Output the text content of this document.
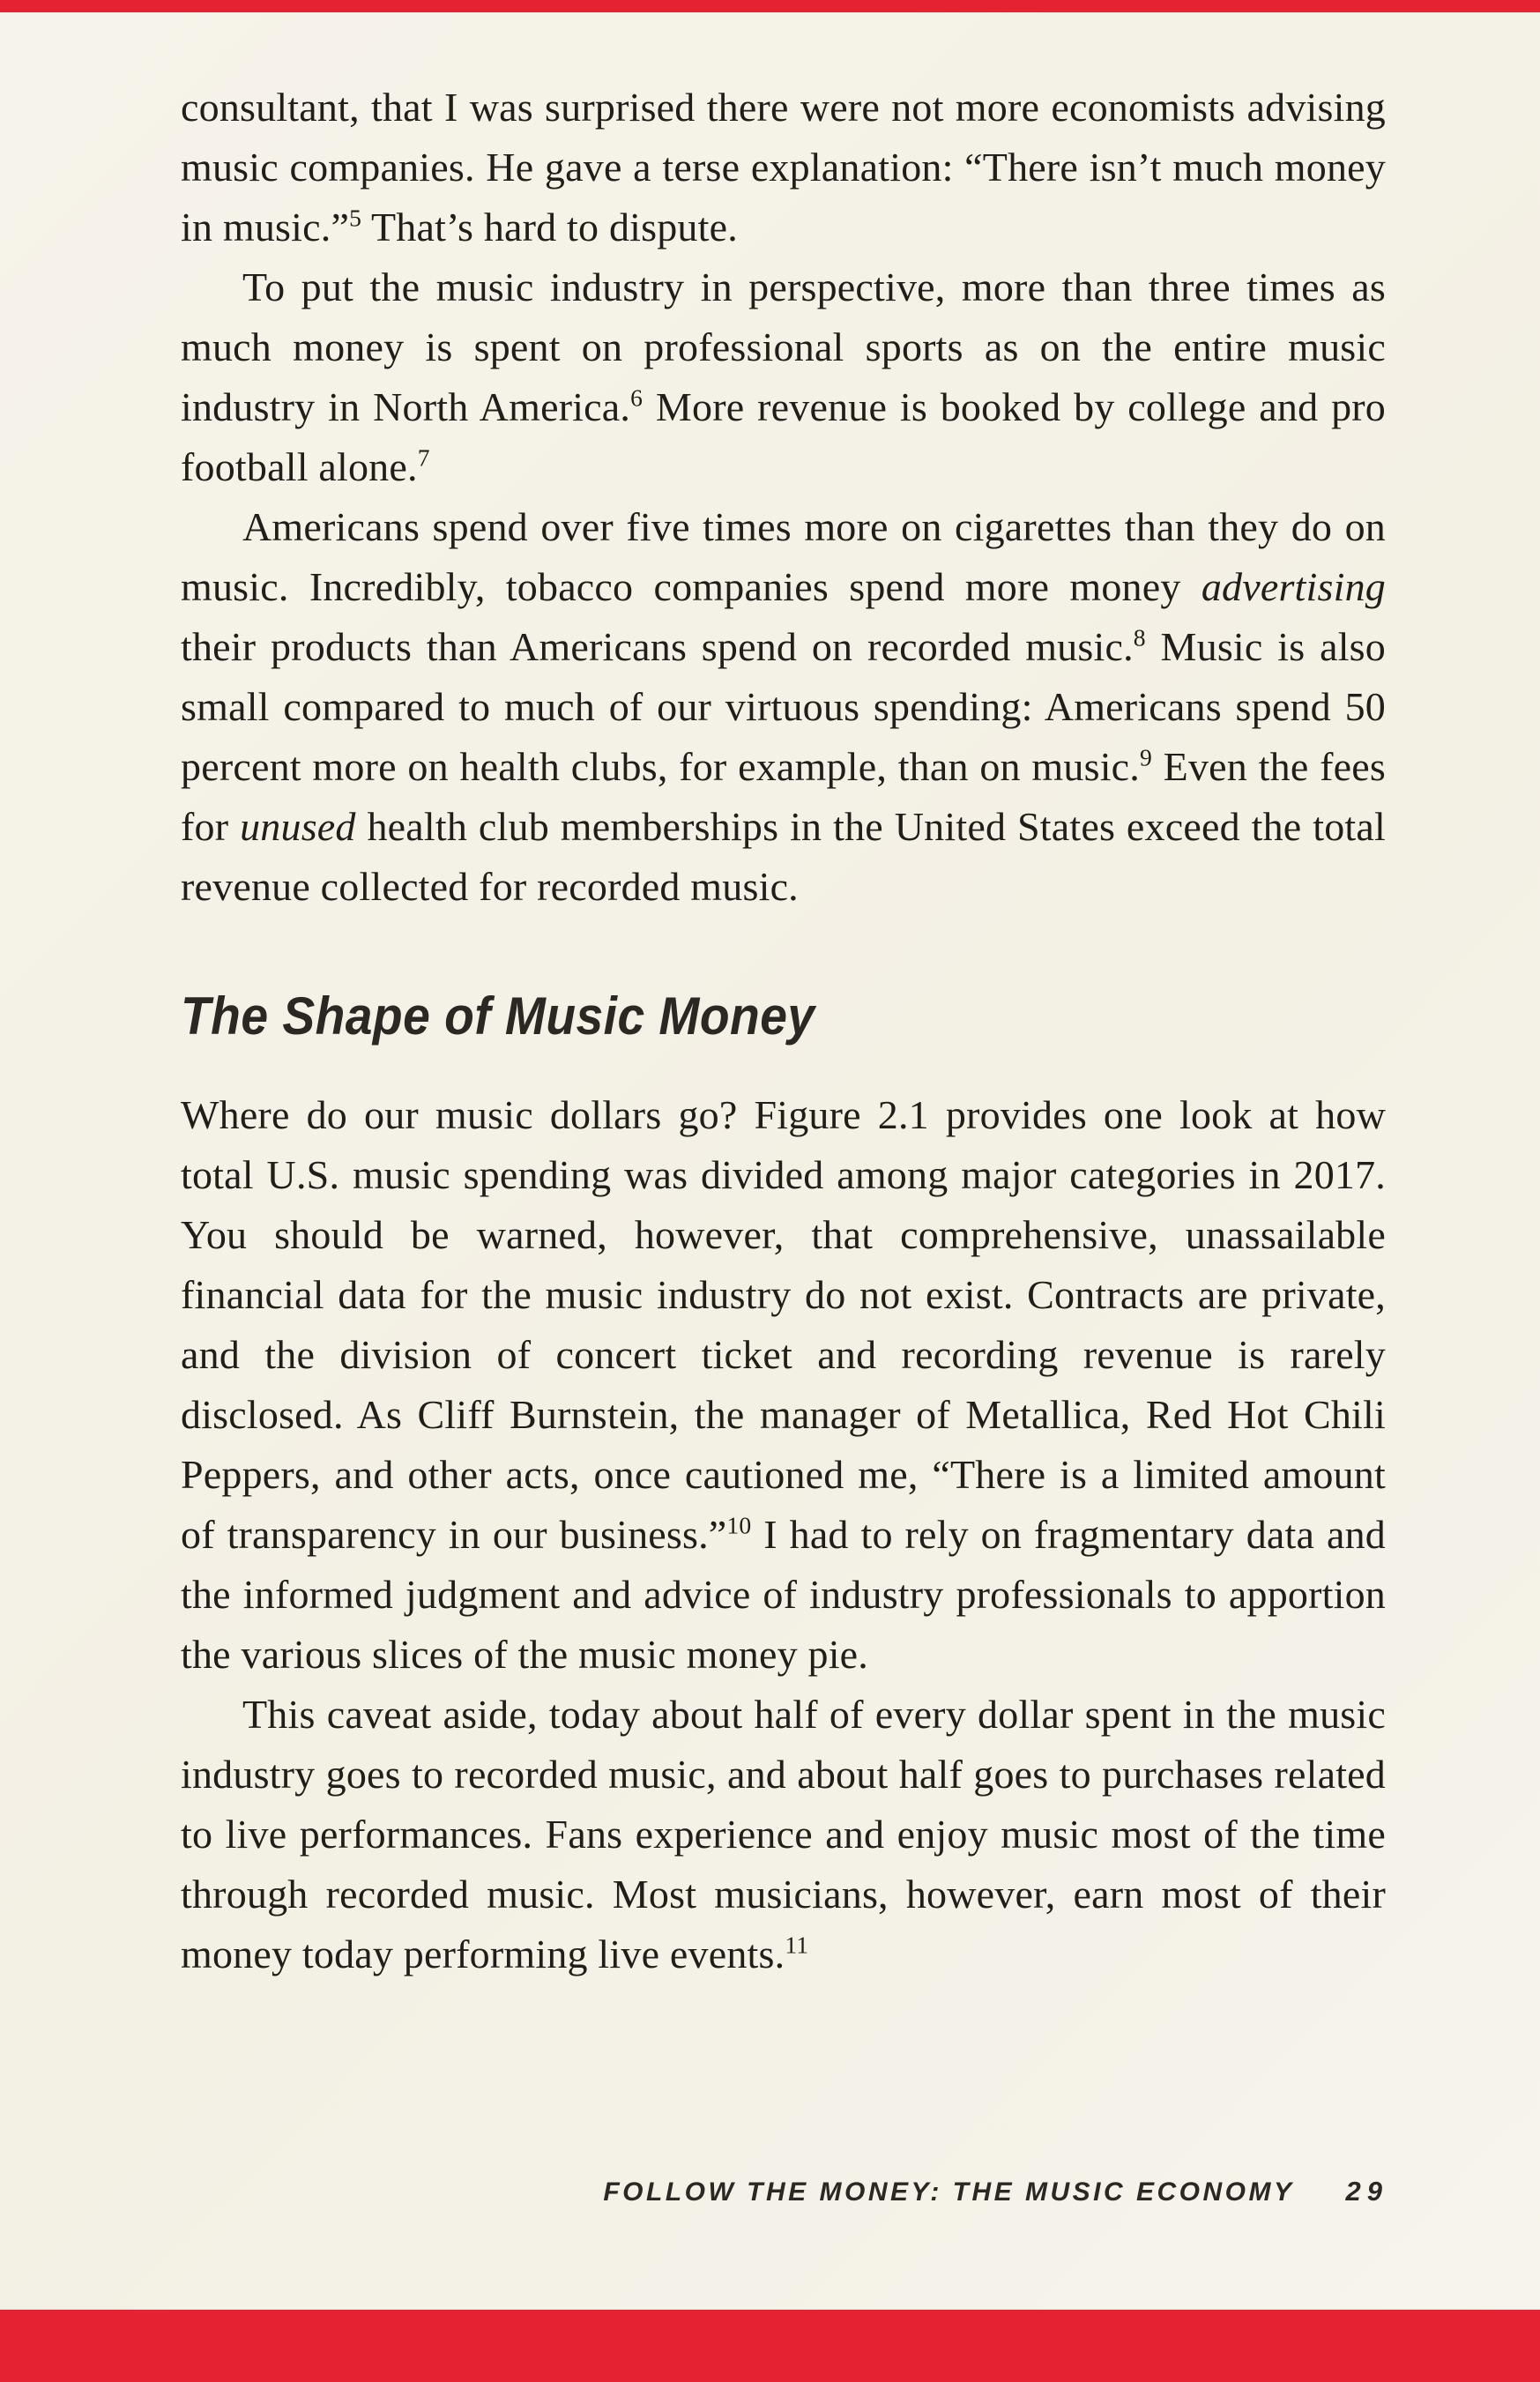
consultant, that I was surprised there were not more economists advising music companies. He gave a terse explanation: “There isn’t much money in music.”$^5$ That’s hard to dispute.

To put the music industry in perspective, more than three times as much money is spent on professional sports as on the entire music industry in North America.$^6$ More revenue is booked by college and pro football alone.$^7$

Americans spend over five times more on cigarettes than they do on music. Incredibly, tobacco companies spend more money advertising their products than Americans spend on recorded music.$^8$ Music is also small compared to much of our virtuous spending: Americans spend 50 percent more on health clubs, for example, than on music.$^9$ Even the fees for unused health club memberships in the United States exceed the total revenue collected for recorded music.

The Shape of Music Money

Where do our music dollars go? Figure 2.1 provides one look at how total U.S. music spending was divided among major categories in 2017. You should be warned, however, that comprehensive, unassailable financial data for the music industry do not exist. Contracts are private, and the division of concert ticket and recording revenue is rarely disclosed. As Cliff Burnstein, the manager of Metallica, Red Hot Chili Peppers, and other acts, once cautioned me, “There is a limited amount of transparency in our business.”$^{10}$ I had to rely on fragmentary data and the informed judgment and advice of industry professionals to apportion the various slices of the music money pie.

This caveat aside, today about half of every dollar spent in the music industry goes to recorded music, and about half goes to purchases related to live performances. Fans experience and enjoy music most of the time through recorded music. Most musicians, however, earn most of their money today performing live events.$^{11}$

FOLLOW THE MONEY: THE MUSIC ECONOMY 29
